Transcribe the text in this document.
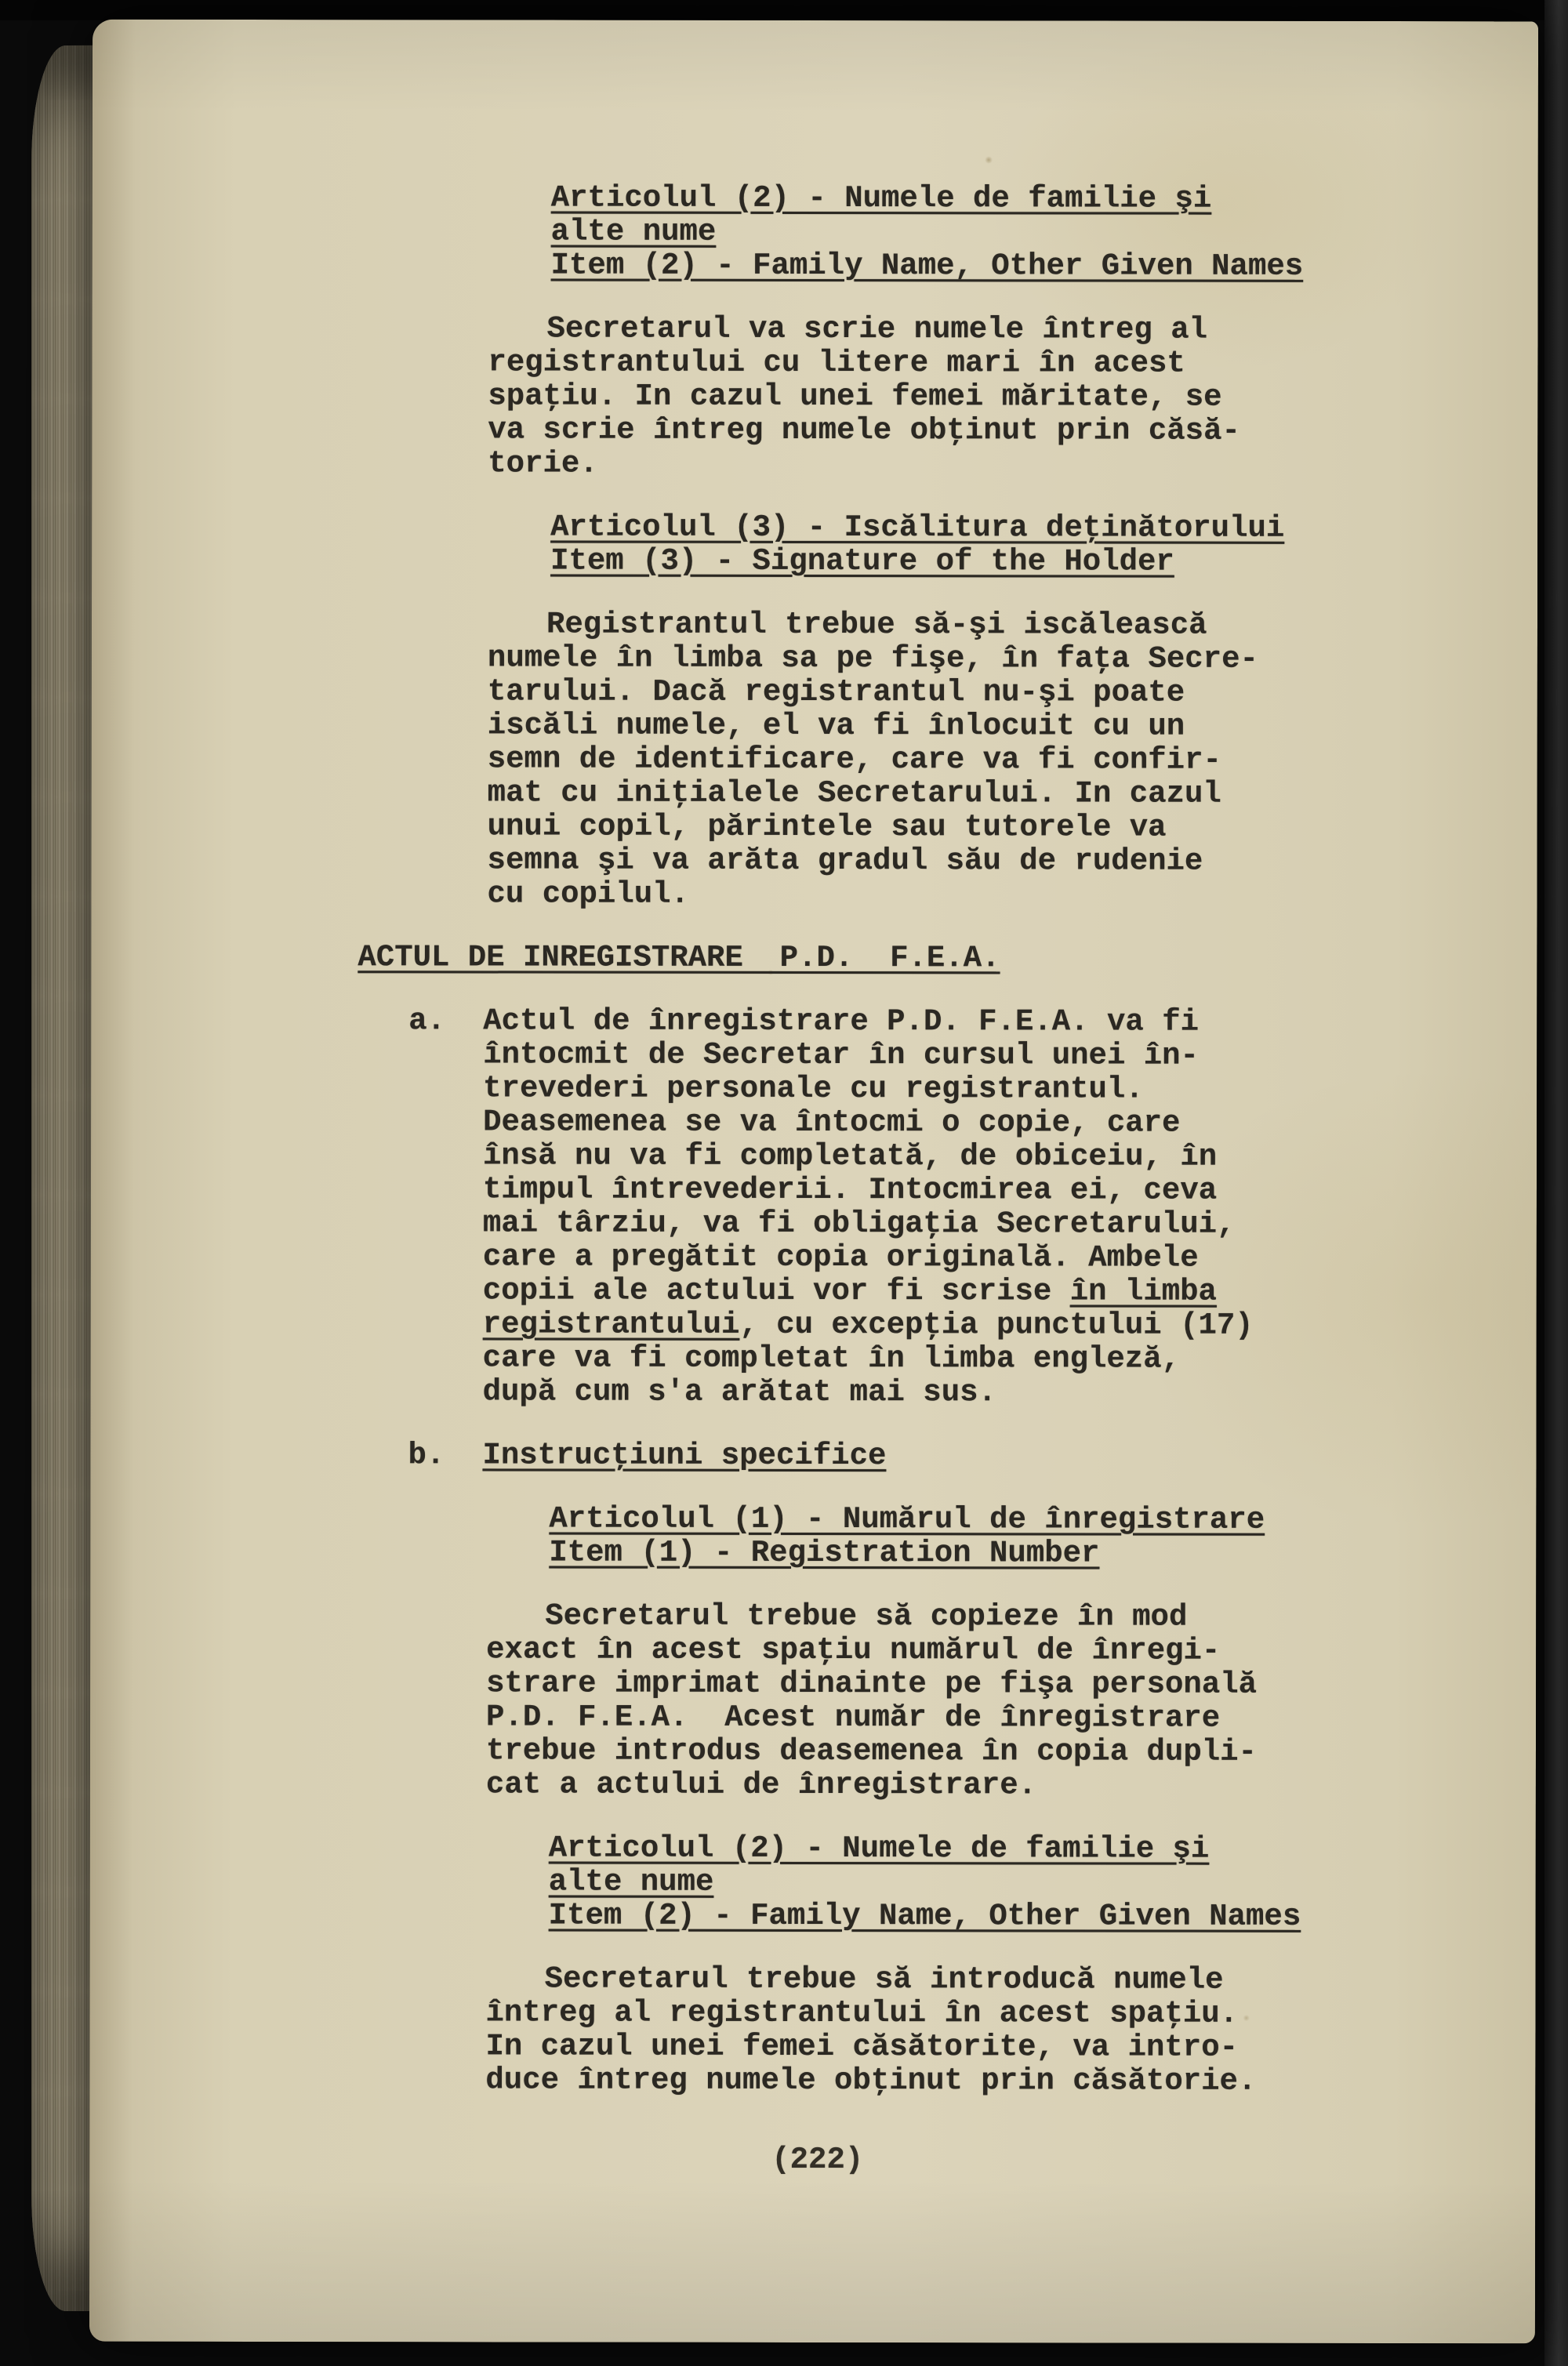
Articolul (2) - Numele de familie şi
alte nume
Item (2) - Family Name, Other Given Names
Secretarul va scrie numele întreg al
registrantului cu litere mari în acest
spaţiu. In cazul unei femei măritate, se
va scrie întreg numele obţinut prin căsă-
torie.
Articolul (3) - Iscălitura deţinătorului
Item (3) - Signature of the Holder
Registrantul trebue să-şi iscălească
numele în limba sa pe fişe, în faţa Secre-
tarului. Dacă registrantul nu-şi poate
iscăli numele, el va fi înlocuit cu un
semn de identificare, care va fi confir-
mat cu iniţialele Secretarului. In cazul
unui copil, părintele sau tutorele va
semna şi va arăta gradul său de rudenie
cu copilul.
ACTUL DE INREGISTRARE  P.D.  F.E.A.
a. Actul de înregistrare P.D. F.E.A. va fi
întocmit de Secretar în cursul unei în-
trevederi personale cu registrantul.
Deasemenea se va întocmi o copie, care
însă nu va fi completată, de obiceiu, în
timpul întrevederii. Intocmirea ei, ceva
mai târziu, va fi obligaţia Secretarului,
care a pregătit copia originală. Ambele
copii ale actului vor fi scrise în limba
registrantului, cu excepţia punctului (17)
care va fi completat în limba engleză,
după cum s'a arătat mai sus.
b. Instrucţiuni specifice
Articolul (1) - Numărul de înregistrare
Item (1) - Registration Number
Secretarul trebue să copieze în mod
exact în acest spaţiu numărul de înregi-
strare imprimat dinainte pe fişa personală
P.D. F.E.A.  Acest număr de înregistrare
trebue introdus deasemenea în copia dupli-
cat a actului de înregistrare.
Articolul (2) - Numele de familie şi
alte nume
Item (2) - Family Name, Other Given Names
Secretarul trebue să introducă numele
întreg al registrantului în acest spaţiu.
In cazul unei femei căsătorite, va intro-
duce întreg numele obţinut prin căsătorie.
(222)
